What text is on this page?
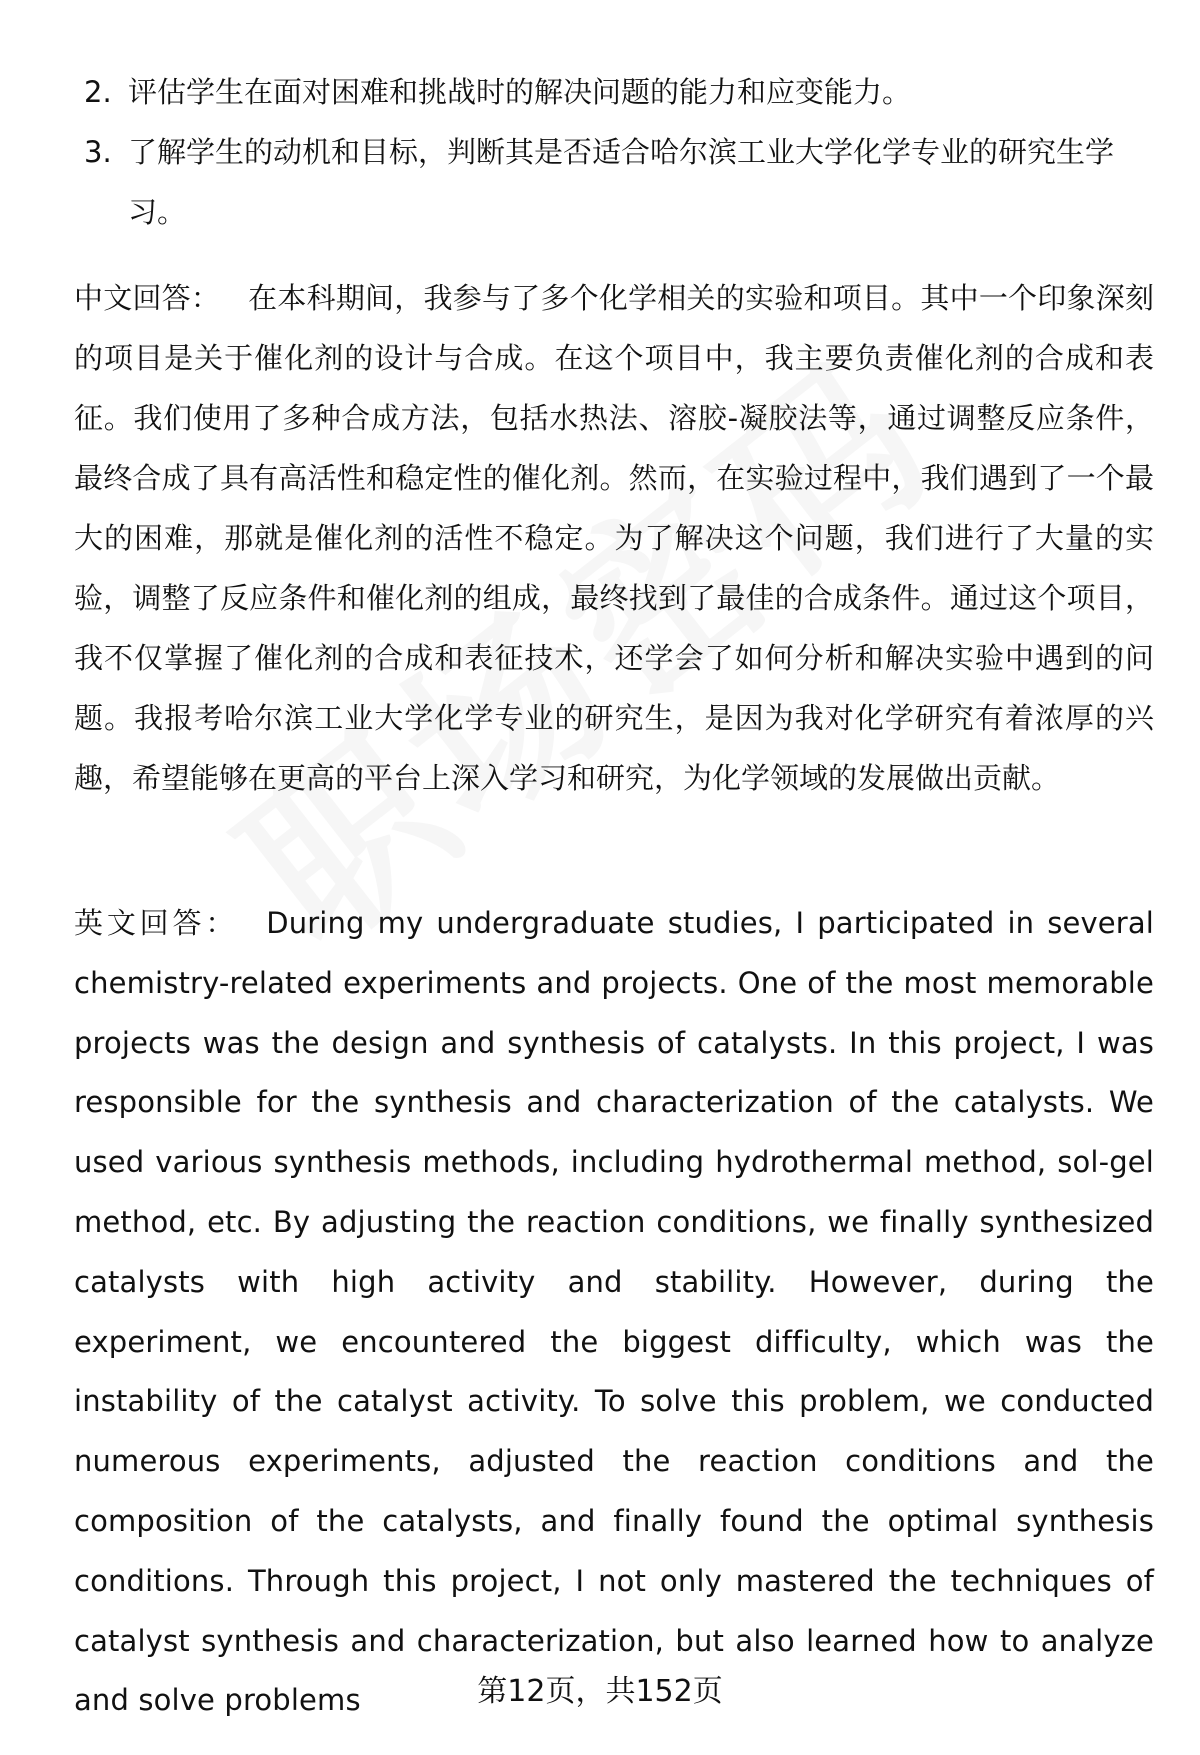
2. 评估学生在面对困难和挑战时的解决问题的能力和应变能力。
3. 了解学生的动机和目标，判断其是否适合哈尔滨工业大学化学专业的研究生学习。

中文回答： 在本科期间，我参与了多个化学相关的实验和项目。其中一个印象深刻的项目是关于催化剂的设计与合成。在这个项目中，我主要负责催化剂的合成和表征。我们使用了多种合成方法，包括水热法、溶胶-凝胶法等，通过调整反应条件，最终合成了具有高活性和稳定性的催化剂。然而，在实验过程中，我们遇到了一个最大的困难，那就是催化剂的活性不稳定。为了解决这个问题，我们进行了大量的实验，调整了反应条件和催化剂的组成，最终找到了最佳的合成条件。通过这个项目，我不仅掌握了催化剂的合成和表征技术，还学会了如何分析和解决实验中遇到的问题。我报考哈尔滨工业大学化学专业的研究生，是因为我对化学研究有着浓厚的兴趣，希望能够在更高的平台上深入学习和研究，为化学领域的发展做出贡献。

英文回答： During my undergraduate studies, I participated in several chemistry-related experiments and projects. One of the most memorable projects was the design and synthesis of catalysts. In this project, I was responsible for the synthesis and characterization of the catalysts. We used various synthesis methods, including hydrothermal method, sol-gel method, etc. By adjusting the reaction conditions, we finally synthesized catalysts with high activity and stability. However, during the experiment, we encountered the biggest difficulty, which was the instability of the catalyst activity. To solve this problem, we conducted numerous experiments, adjusted the reaction conditions and the composition of the catalysts, and finally found the optimal synthesis conditions. Through this project, I not only mastered the techniques of catalyst synthesis and characterization, but also learned how to analyze and solve problems	第12页，共152页
